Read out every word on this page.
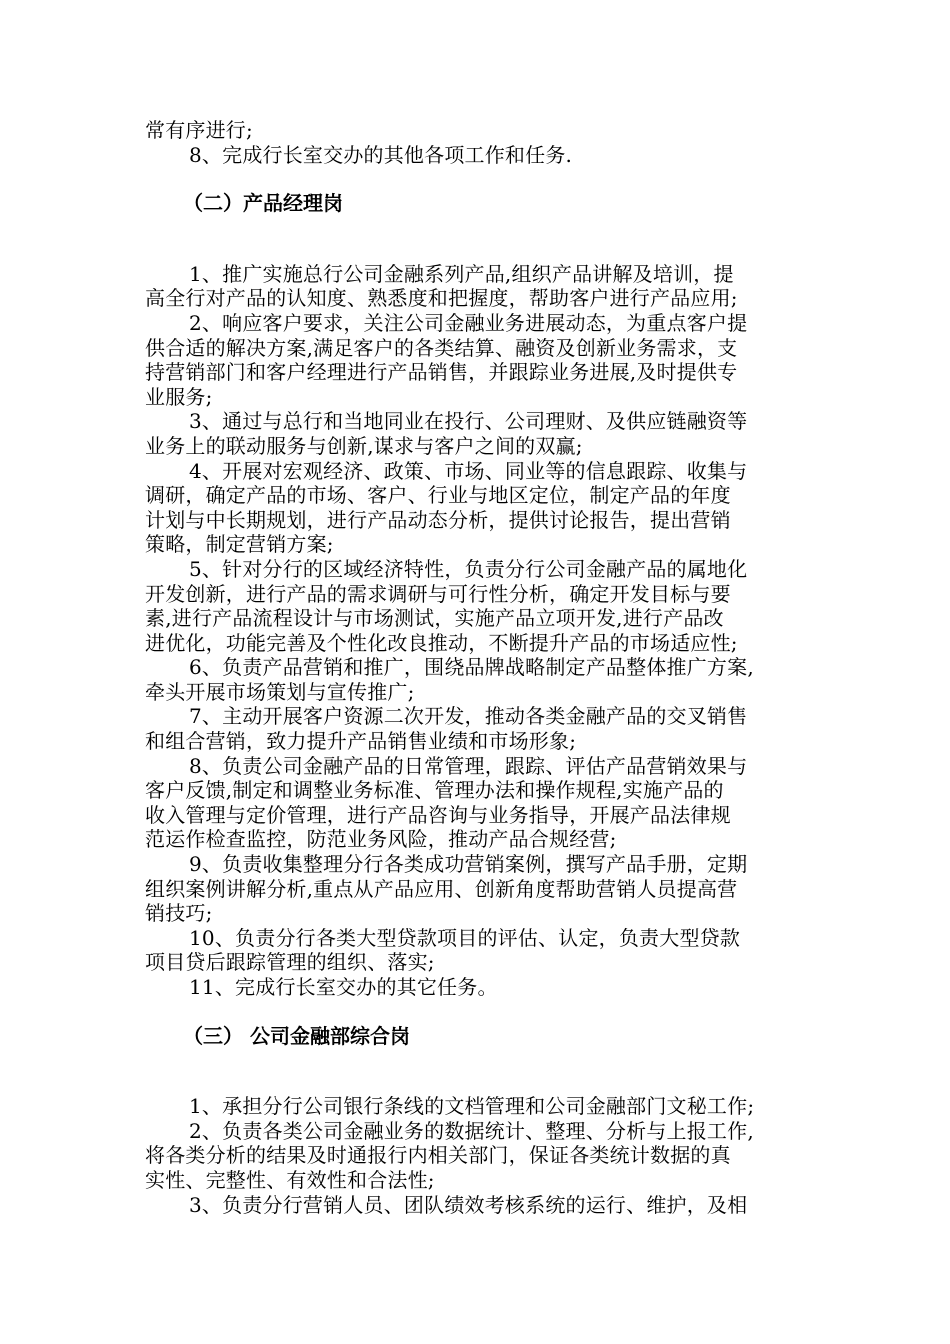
常有序进行;
8、完成行长室交办的其他各项工作和任务.
（二）产品经理岗
1、推广实施总行公司金融系列产品,组织产品讲解及培训，提
高全行对产品的认知度、熟悉度和把握度，帮助客户进行产品应用;
2、响应客户要求，关注公司金融业务进展动态，为重点客户提
供合适的解决方案,满足客户的各类结算、融资及创新业务需求，支
持营销部门和客户经理进行产品销售，并跟踪业务进展,及时提供专
业服务;
3、通过与总行和当地同业在投行、公司理财、及供应链融资等
业务上的联动服务与创新,谋求与客户之间的双赢;
4、开展对宏观经济、政策、市场、同业等的信息跟踪、收集与
调研，确定产品的市场、客户、行业与地区定位，制定产品的年度
计划与中长期规划，进行产品动态分析，提供讨论报告，提出营销
策略，制定营销方案;
5、针对分行的区域经济特性，负责分行公司金融产品的属地化
开发创新，进行产品的需求调研与可行性分析，确定开发目标与要
素,进行产品流程设计与市场测试，实施产品立项开发,进行产品改
进优化，功能完善及个性化改良推动，不断提升产品的市场适应性;
6、负责产品营销和推广，围绕品牌战略制定产品整体推广方案,
牵头开展市场策划与宣传推广;
7、主动开展客户资源二次开发，推动各类金融产品的交叉销售
和组合营销，致力提升产品销售业绩和市场形象;
8、负责公司金融产品的日常管理，跟踪、评估产品营销效果与
客户反馈,制定和调整业务标准、管理办法和操作规程,实施产品的
收入管理与定价管理，进行产品咨询与业务指导，开展产品法律规
范运作检查监控，防范业务风险，推动产品合规经营;
9、负责收集整理分行各类成功营销案例，撰写产品手册，定期
组织案例讲解分析,重点从产品应用、创新角度帮助营销人员提高营
销技巧;
10、负责分行各类大型贷款项目的评估、认定，负责大型贷款
项目贷后跟踪管理的组织、落实;
11、完成行长室交办的其它任务。
（三） 公司金融部综合岗
1、承担分行公司银行条线的文档管理和公司金融部门文秘工作;
2、负责各类公司金融业务的数据统计、整理、分析与上报工作,
将各类分析的结果及时通报行内相关部门，保证各类统计数据的真
实性、完整性、有效性和合法性;
3、负责分行营销人员、团队绩效考核系统的运行、维护，及相
